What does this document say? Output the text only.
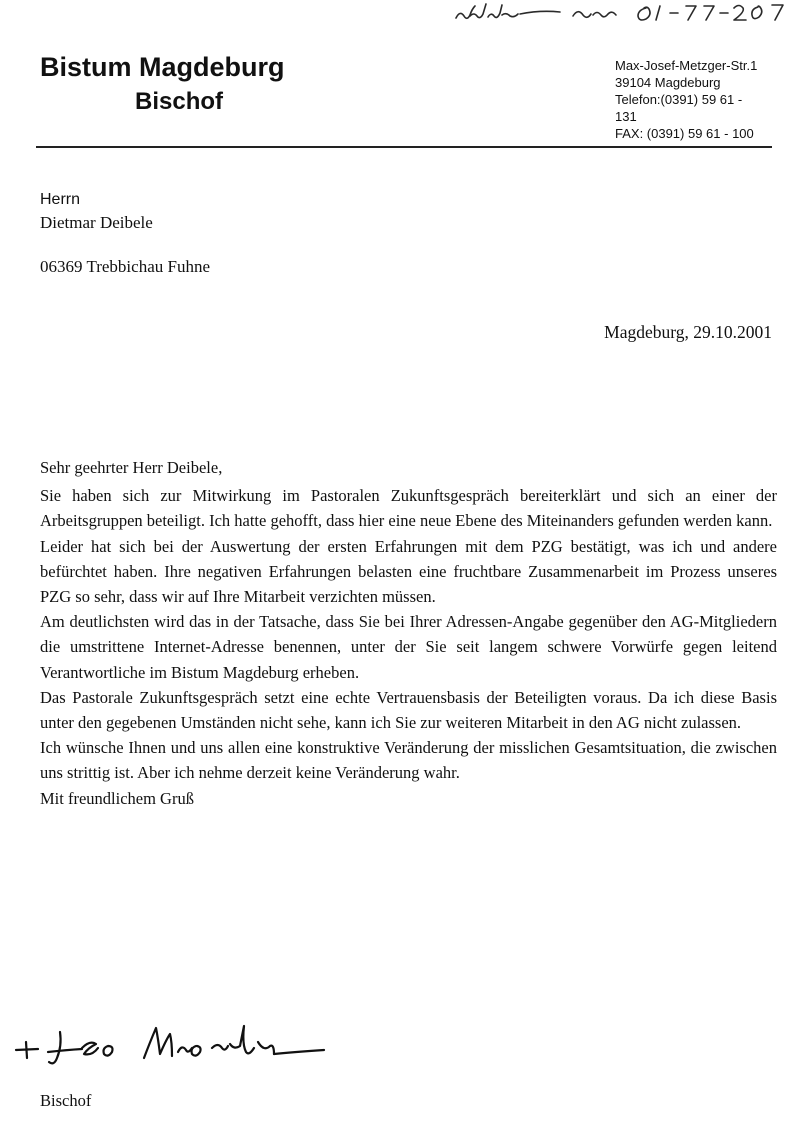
Bistum Magdeburg
Bischof
Max-Josef-Metzger-Str.1
39104 Magdeburg
Telefon:(0391) 59 61 -
131
FAX: (0391) 59 61 - 100
Herrn
Dietmar Deibele
06369 Trebbichau Fuhne
Magdeburg, 29.10.2001

Sehr geehrter Herr Deibele,

Sie haben sich zur Mitwirkung im Pastoralen Zukunftsgespräch bereiterklärt und sich an einer der Arbeitsgruppen beteiligt. Ich hatte gehofft, dass hier eine neue Ebene des Miteinanders gefunden werden kann.

Leider hat sich bei der Auswertung der ersten Erfahrungen mit dem PZG bestätigt, was ich und andere befürchtet haben. Ihre negativen Erfahrungen belasten eine fruchtbare Zusammenarbeit im Prozess unseres PZG so sehr, dass wir auf Ihre Mitarbeit verzichten müssen.

Am deutlichsten wird das in der Tatsache, dass Sie bei Ihrer Adressen-Angabe gegenüber den AG-Mitgliedern die umstrittene Internet-Adresse benennen, unter der Sie seit langem schwere Vorwürfe gegen leitend Verantwortliche im Bistum Magdeburg erheben.

Das Pastorale Zukunftsgespräch setzt eine echte Vertrauensbasis der Beteiligten voraus. Da ich diese Basis unter den gegebenen Umständen nicht sehe, kann ich Sie zur weiteren Mitarbeit in den AG nicht zulassen.

Ich wünsche Ihnen und uns allen eine konstruktive Veränderung der misslichen Gesamtsituation, die zwischen uns strittig ist. Aber ich nehme derzeit keine Veränderung wahr.

Mit freundlichem Gruß

Bischof
